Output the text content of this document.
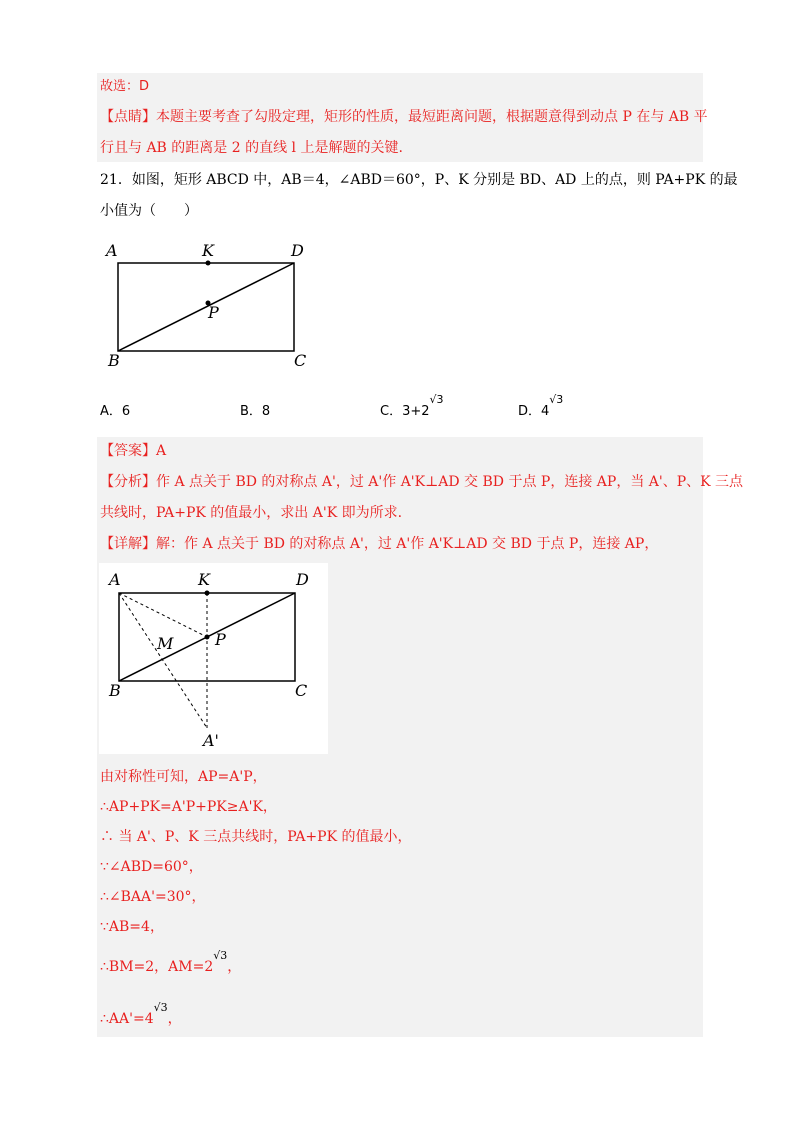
故选：D
【点睛】本题主要考查了勾股定理，矩形的性质，最短距离问题，根据题意得到动点 P 在与 AB 平
行且与 AB 的距离是 2 的直线 l 上是解题的关键.
21．如图，矩形 ABCD 中，AB＝4，∠ABD＝60°，P、K 分别是 BD、AD 上的点，则 PA+PK 的最
小值为（　　）
A	K	D
P
B	C
A．6	B．8	C．$3+2^{√3}$
D．$4^{√3}$
【答案】A
【分析】作 A 点关于 BD 的对称点 A'，过 A'作 A'K⊥AD 交 BD 于点 P，连接 AP，当 A'、P、K 三点
共线时，PA+PK 的值最小，求出 A'K 即为所求.
【详解】解：作 A 点关于 BD 的对称点 A'，过 A'作 A'K⊥AD 交 BD 于点 P，连接 AP，
A	K	D
M	P
B	C
A'
由对称性可知，AP=A'P，
∴AP+PK=A'P+PK≥A'K，
∴ 当 A'、P、K 三点共线时，PA+PK 的值最小，
∵∠ABD=60°，
∴∠BAA'=30°，
∵AB=4，
∴BM=2，$AM=2^{√3}$，
$\therefore AA'=4^{√3}$，
